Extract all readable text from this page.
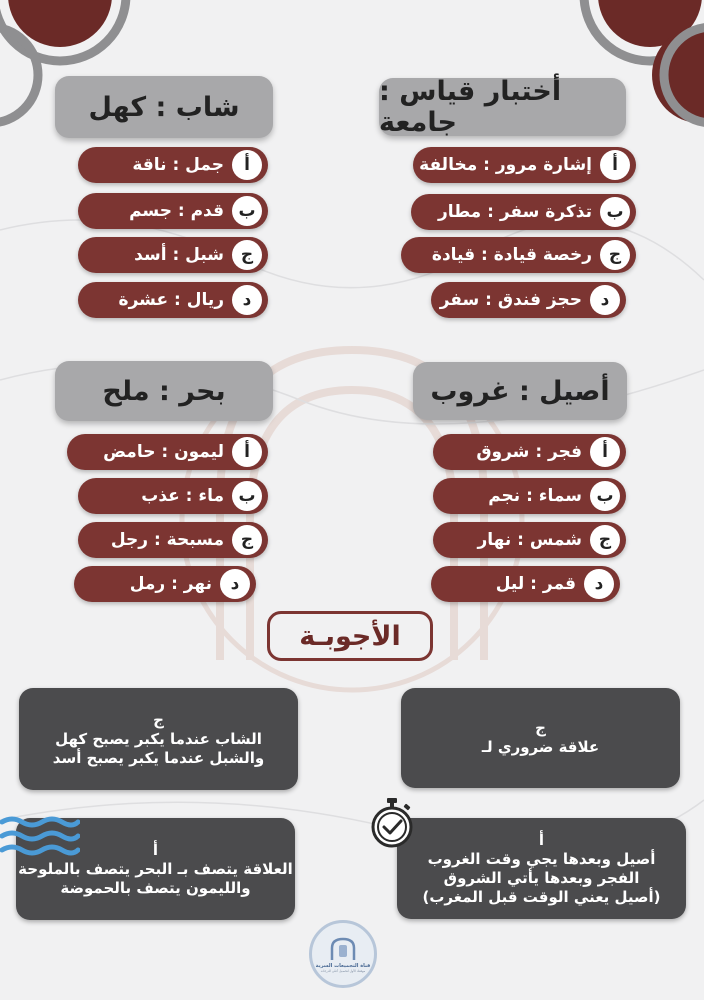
أختبار قياس : جامعة
أ
إشارة مرور : مخالفة
ب
تذكرة سفر : مطار
ج
رخصة قيادة : قيادة
د
حجز فندق : سفر
شاب : كهل
أ
جمل : ناقة
ب
قدم : جسم
ج
شبل : أسد
د
ريال : عشرة
أصيل : غروب
أ
فجر : شروق
ب
سماء : نجم
ج
شمس : نهار
د
قمر : ليل
بحر : ملح
أ
ليمون : حامض
ب
ماء : عذب
ج
مسبحة : رجل
د
نهر : رمل
الأجوبـة
ج
علاقة ضروري لـ
ج
الشاب عندما يكبر يصبح كهل
والشبل عندما يكبر يصبح أسد
أ
أصيل وبعدها يجي وقت الغروب
الفجر وبعدها يأتي الشروق
(أصيل يعني الوقت قبل المغرب)
أ
العلاقة يتصف بـ البحر يتصف بالملوحة
والليمون يتصف بالحموضة
قناة التجميعات السرية
موقعك الأول لتحصيل أعلى الدرجات
